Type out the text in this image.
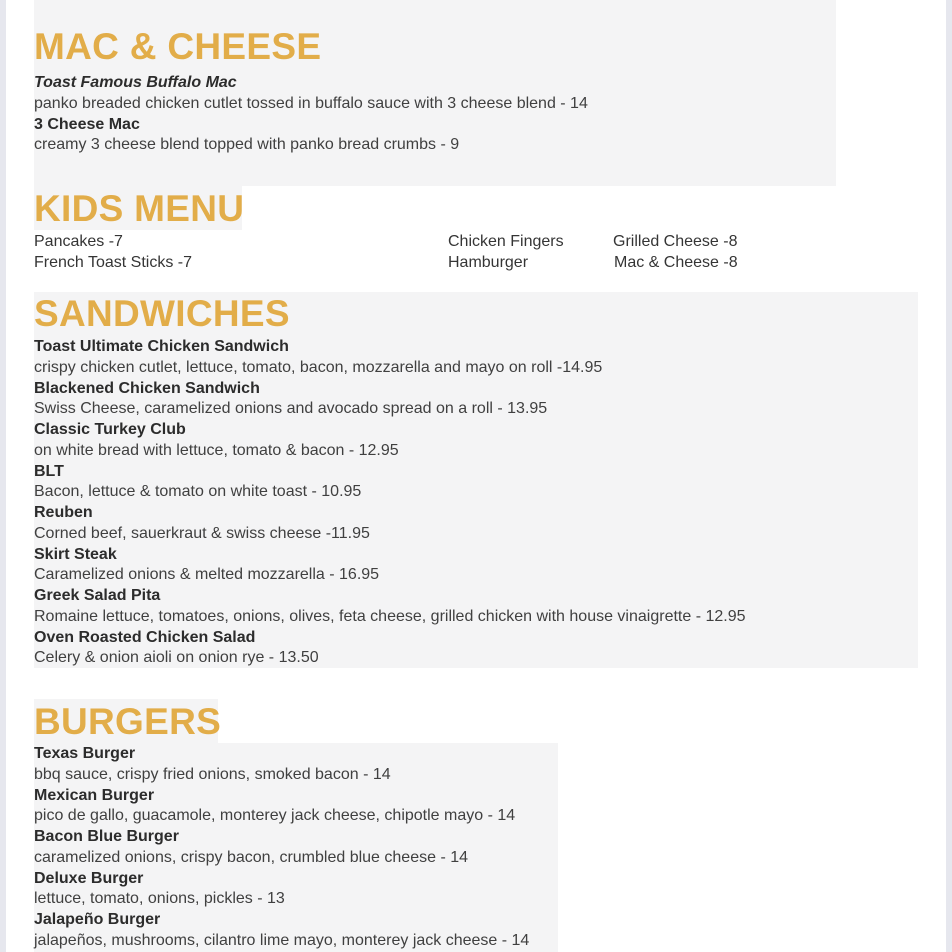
MAC & CHEESE
Toast Famous Buffalo Mac
panko breaded chicken cutlet tossed in buffalo sauce with 3 cheese blend - 14
3 Cheese Mac
creamy 3 cheese blend topped with panko bread crumbs - 9
KIDS MENU
Pancakes -7
French Toast Sticks -7
Chicken Fingers
Hamburger
Grilled Cheese -8
Mac & Cheese -8
SANDWICHES
Toast Ultimate Chicken Sandwich
crispy chicken cutlet, lettuce, tomato, bacon, mozzarella and mayo on roll -14.95
Blackened Chicken Sandwich
Swiss Cheese, caramelized onions and avocado spread on a roll - 13.95
Classic Turkey Club
on white bread with lettuce, tomato & bacon - 12.95
BLT
Bacon, lettuce & tomato on white toast - 10.95
Reuben
Corned beef, sauerkraut & swiss cheese -11.95
Skirt Steak
Caramelized onions & melted mozzarella - 16.95
Greek Salad Pita
Romaine lettuce, tomatoes, onions, olives, feta cheese, grilled chicken with house vinaigrette - 12.95
Oven Roasted Chicken Salad
Celery & onion aioli on onion rye - 13.50
BURGERS
Texas Burger
bbq sauce, crispy fried onions, smoked bacon - 14
Mexican Burger
pico de gallo, guacamole, monterey jack cheese, chipotle mayo - 14
Bacon Blue Burger
caramelized onions, crispy bacon, crumbled blue cheese - 14
Deluxe Burger
lettuce, tomato, onions, pickles - 13
Jalapeño Burger
jalapeños, mushrooms, cilantro lime mayo, monterey jack cheese - 14
